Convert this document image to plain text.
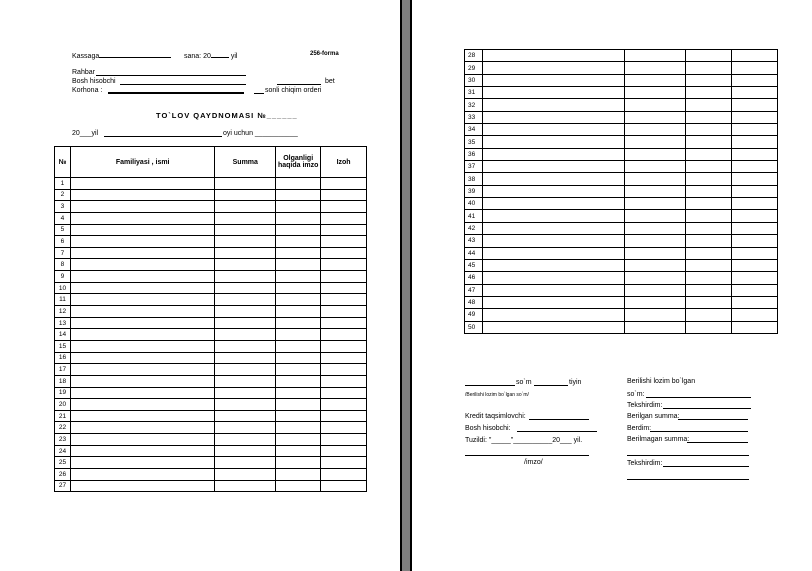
Kassaga	sana: 20	yil	256-forma
Rahbar
Bosh hisobchi	bet
Korhona :	sonli chiqim orderi
TO`LOV QAYDNOMASI №______
20___yil	oyi uchun ___________
№	Familiyasi , ismi	Summa	Olganligi haqida imzo	Izoh
1				
2				
3				
4				
5				
6				
7				
8				
9				
10				
11				
12				
13				
14				
15				
16				
17				
18				
19				
20				
21				
22				
23				
24				
25				
26				
27				
28				
29				
30				
31				
32				
33				
34				
35				
36				
37				
38				
39				
40				
41				
42				
43				
44				
45				
46				
47				
48				
49				
50				
so`m	tiyin
/Berilishi lozim bo`lgan so`m/
Kredit taqsimlovchi:
Bosh hisobchi:
Tuzildi: "_____"__________20___ yil.
/imzo/
Berilishi lozim bo`lgan
so`m:
Tekshirdim:
Berilgan summa:
Berdim:
Berilmagan summa:
Tekshirdim:
